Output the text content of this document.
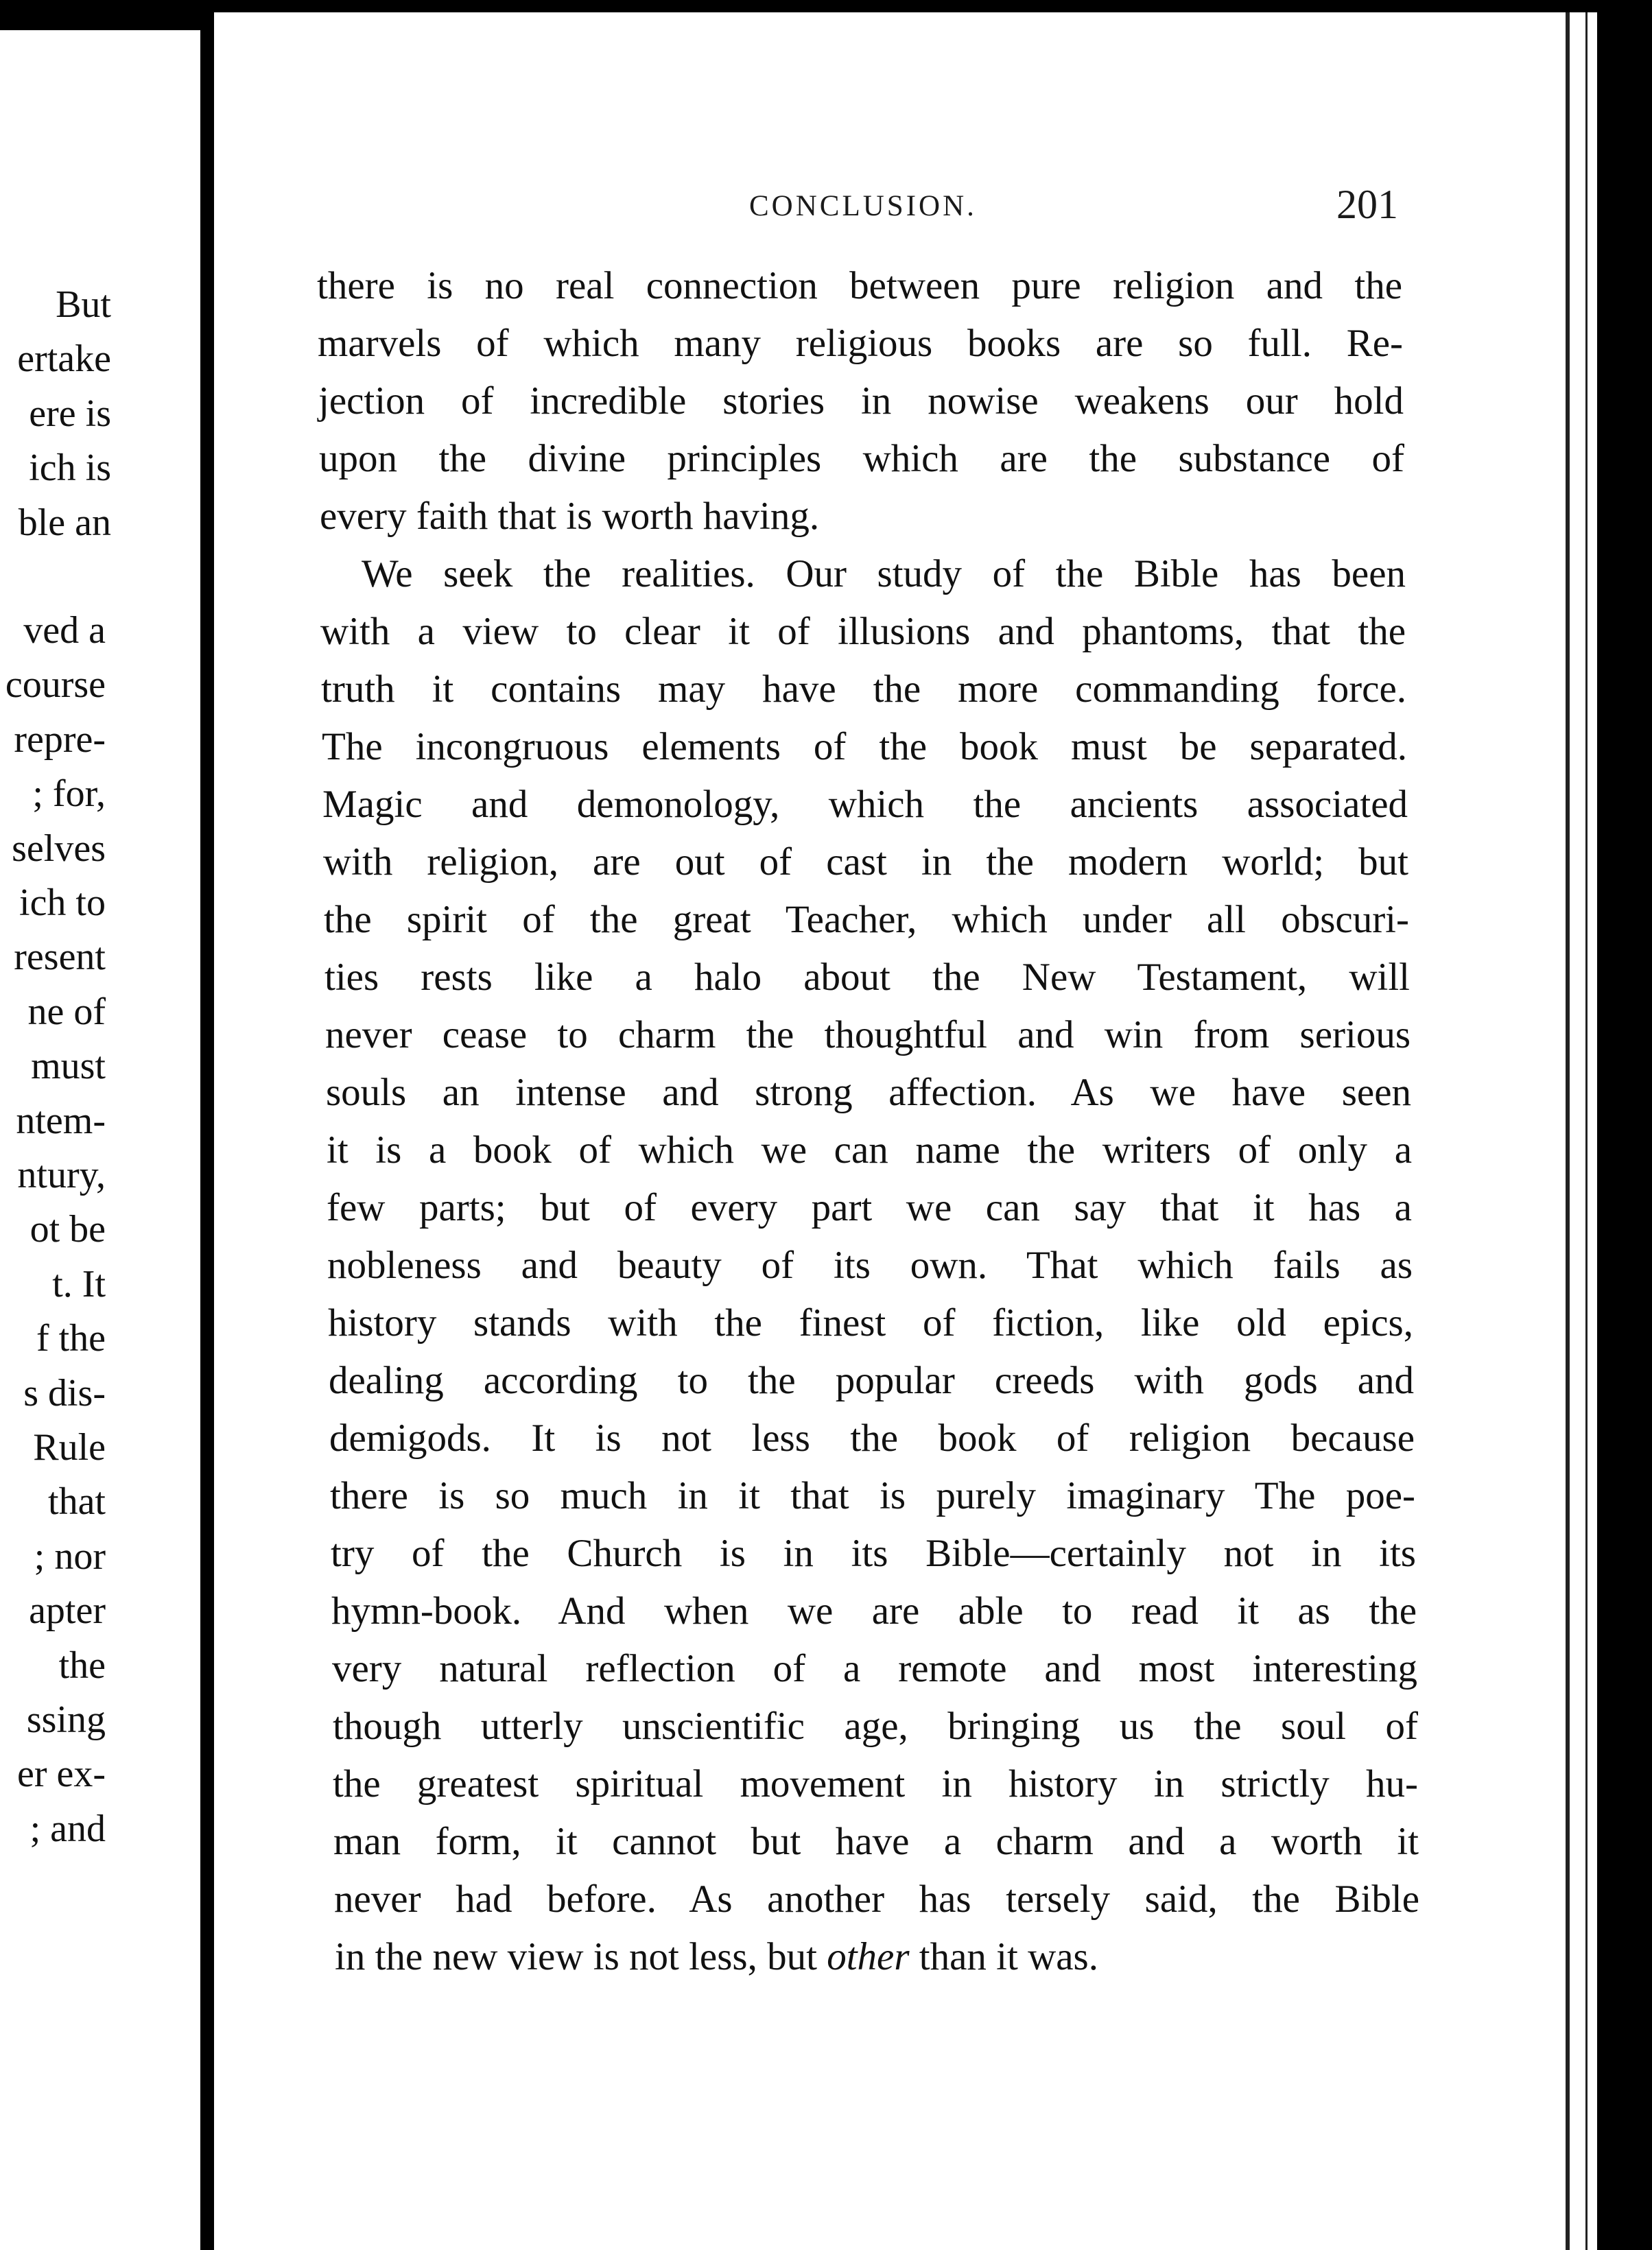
But
ertake
ere is
ich is
ble an
ved a
course
repre-
; for,
selves
ich to
resent
ne of
must
ntem-
ntury,
ot be
t. It
f the
s dis-
Rule
that
; nor
apter
the
ssing
er ex-
; and
CONCLUSION.	201
there is no real connection between pure religion and the
marvels of which many religious books are so full. Re-
jection of incredible stories in nowise weakens our hold
upon the divine principles which are the substance of
every faith that is worth having.
We seek the realities. Our study of the Bible has been
with a view to clear it of illusions and phantoms, that the
truth it contains may have the more commanding force.
The incongruous elements of the book must be separated.
Magic and demonology, which the ancients associated
with religion, are out of cast in the modern world; but
the spirit of the great Teacher, which under all obscuri-
ties rests like a halo about the New Testament, will
never cease to charm the thoughtful and win from serious
souls an intense and strong affection. As we have seen
it is a book of which we can name the writers of only a
few parts; but of every part we can say that it has a
nobleness and beauty of its own. That which fails as
history stands with the finest of fiction, like old epics,
dealing according to the popular creeds with gods and
demigods. It is not less the book of religion because
there is so much in it that is purely imaginary The poe-
try of the Church is in its Bible—certainly not in its
hymn-book. And when we are able to read it as the
very natural reflection of a remote and most interesting
though utterly unscientific age, bringing us the soul of
the greatest spiritual movement in history in strictly hu-
man form, it cannot but have a charm and a worth it
never had before. As another has tersely said, the Bible
in the new view is not less, but other than it was.
